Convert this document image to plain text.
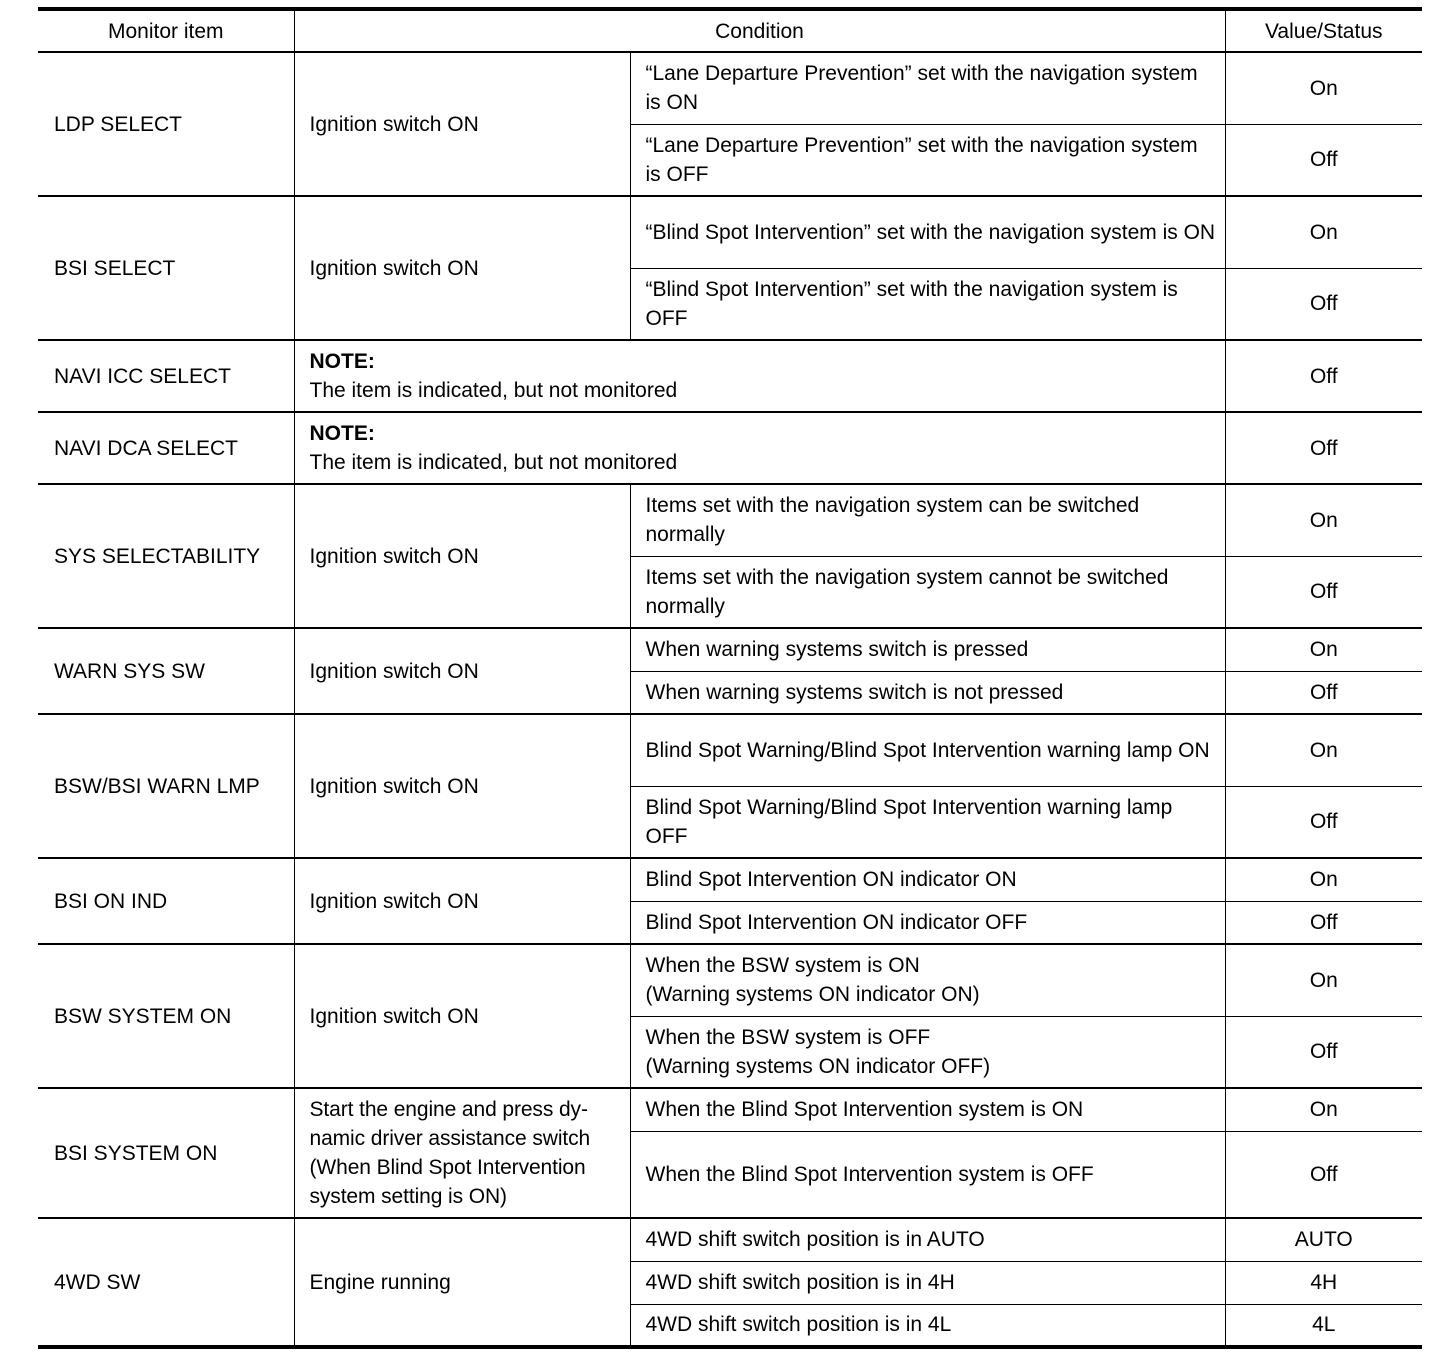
Monitor item	Condition		Value/Status
LDP SELECT	Ignition switch ON	“Lane Departure Prevention” set with the navigation system is ON	On
		“Lane Departure Prevention” set with the navigation system is OFF	Off
BSI SELECT	Ignition switch ON	“Blind Spot Intervention” set with the navigation system is ON	On
		“Blind Spot Intervention” set with the navigation system is OFF	Off
NAVI ICC SELECT	NOTE:
The item is indicated, but not monitored		Off
NAVI DCA SELECT	NOTE:
The item is indicated, but not monitored		Off
SYS SELECTABILITY	Ignition switch ON	Items set with the navigation system can be switched normally	On
		Items set with the navigation system cannot be switched normally	Off
WARN SYS SW	Ignition switch ON	When warning systems switch is pressed	On
		When warning systems switch is not pressed	Off
BSW/BSI WARN LMP	Ignition switch ON	Blind Spot Warning/Blind Spot Intervention warning lamp ON	On
		Blind Spot Warning/Blind Spot Intervention warning lamp OFF	Off
BSI ON IND	Ignition switch ON	Blind Spot Intervention ON indicator ON	On
		Blind Spot Intervention ON indicator OFF	Off
BSW SYSTEM ON	Ignition switch ON	When the BSW system is ON
(Warning systems ON indicator ON)	On
		When the BSW system is OFF
(Warning systems ON indicator OFF)	Off
BSI SYSTEM ON	Start the engine and press dy-namic driver assistance switch (When Blind Spot Intervention system setting is ON)	When the Blind Spot Intervention system is ON	On
		When the Blind Spot Intervention system is OFF	Off
4WD SW	Engine running	4WD shift switch position is in AUTO	AUTO
		4WD shift switch position is in 4H	4H
		4WD shift switch position is in 4L	4L
